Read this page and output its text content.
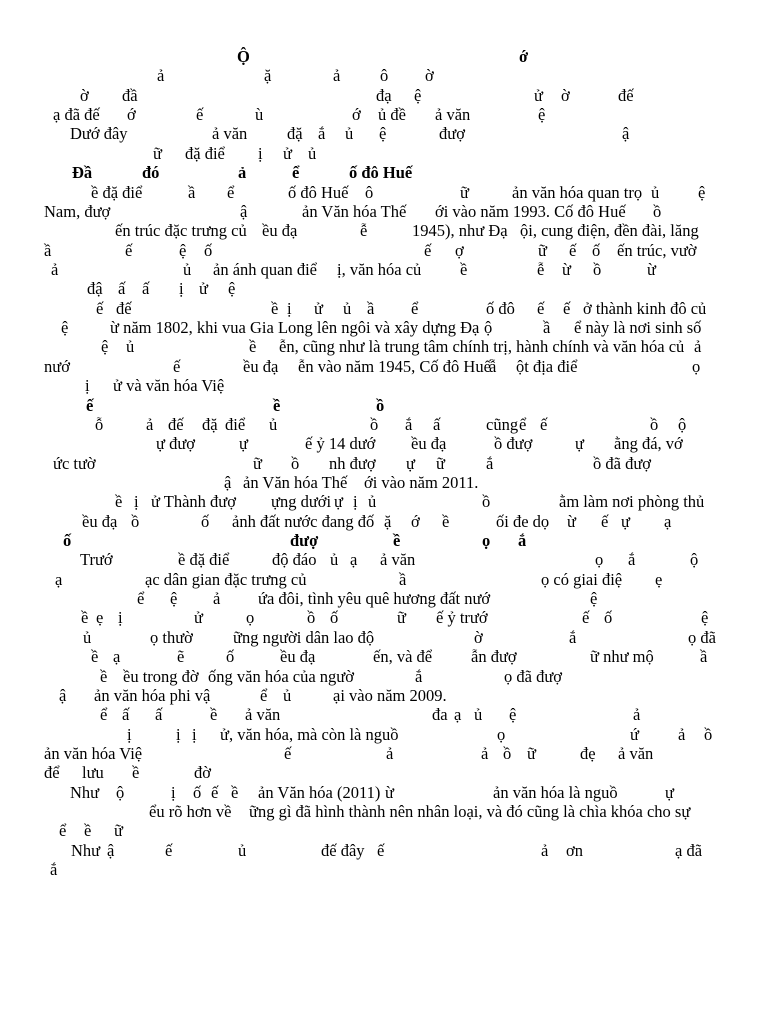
Ộ	ớ
ả	ặ	ả ô ờ
ờ đầ	đạ ệ	ử ờ	đế
ạ đã đế ớ	ế	ù	ớ ủ đề ả văn	ệ
Dướ đây	ả văn đặ ắ ủ ệ	đượ	ậ
ữ đặ điể ị ử ủ
Đầ	đó	ả	ể	ố đô Huế
ề đặ điể	ầ ể	ố đô Huế ô	ữ	ản văn hóa quan trọ ủ ệ
Nam, đượ	ậ	ản Văn hóa Thế ới vào năm 1993. Cố đô Huế ồ
ến trúc đặc trưng củ ều đạ	ễ	1945), như Đạ ội, cung điện, đền đài, lăng
ầ	ế	ệ ố	ế ợ	ữ ế ố ến trúc, vườ
ả	ủ ản ánh quan điể ị, văn hóa củ ề	ễ ừ ồ	ừ
đậ ấ ấ ị ử ệ
ế đế	ề ị ử ủ ầ ể	ố đô ế ế ở thành kinh đô củ
ệ	ừ năm 1802, khi vua Gia Long lên ngôi và xây dựng Đạ ộ	ầ ể này là nơi sinh số
ệ ủ	ề ễn, cũng như là trung tâm chính trị, hành chính và văn hóa củ ả
nướ	ế	ều đạ ễn vào năm 1945, Cố đô Huế
ẫ ột địa điể	ọ
ị ử và văn hóa Việ
ế	ề	ồ
ỗ	ả đế đặ điể ủ	ồ ắ ấ	cũng ể ế	ồ ộ
ự đượ	ự	ế ỷ 14 dướ ều đạ	ồ đượ	ự ằng đá, vớ
ức tườ	ữ ồ nh đượ ự ữ ắ	ồ đã đượ
ậ ản Văn hóa Thế ới vào năm 2011.
ề ị ử Thành đượ ựng dưới ự ị ủ	ồ	ằm làm nơi phòng thủ
ều đạ ồ	ố ảnh đất nước đang đố ặ ớ ề	ối đe dọ ừ ế ự ạ
ố	đượ	ề	ọ ắ
Trướ	ề đặ điể	độ đáo ủ ạ ả văn	ọ ắ	ộ
ạ	ạc dân gian đặc trưng củ	ầ	ọ có giai điệ ẹ
ể ệ ả ứa đôi, tình yêu quê hương đất nướ	ệ
ề ẹ ị	ử	ọ	ồ ố	ữ ế ỷ trướ	ế ố	ệ
ủ	ọ thườ ững người dân lao độ	ờ	ắ	ọ đã
ề ạ	ẽ	ố	ều đạ	ến, và để ẫn đượ	ữ như mộ	ầ
ề ều trong đờ ống văn hóa của ngườ	ắ	ọ đã đượ
ậ ản văn hóa phi vậ	ể ủ	ại vào năm 2009.
ể ấ ấ	ề ả văn	đa ạ ủ ệ	ả
ị	ị ị ử, văn hóa, mà còn là nguồ	ọ	ứ ả ồ
ản văn hóa Việ	ế	ả	ả ồ ữ	đẹ ả văn
để lưu ề	đờ
Như ộ	ị ố ế ề ản Văn hóa (2011) ừ	ản văn hóa là nguồ	ự
ểu rõ hơn về ững gì đã hình thành nên nhân loại, và đó cũng là chìa khóa cho sự
ể ề ữ
Như ậ	ế	ủ	đế đây ế	ả ơn	ạ đã
ắ
